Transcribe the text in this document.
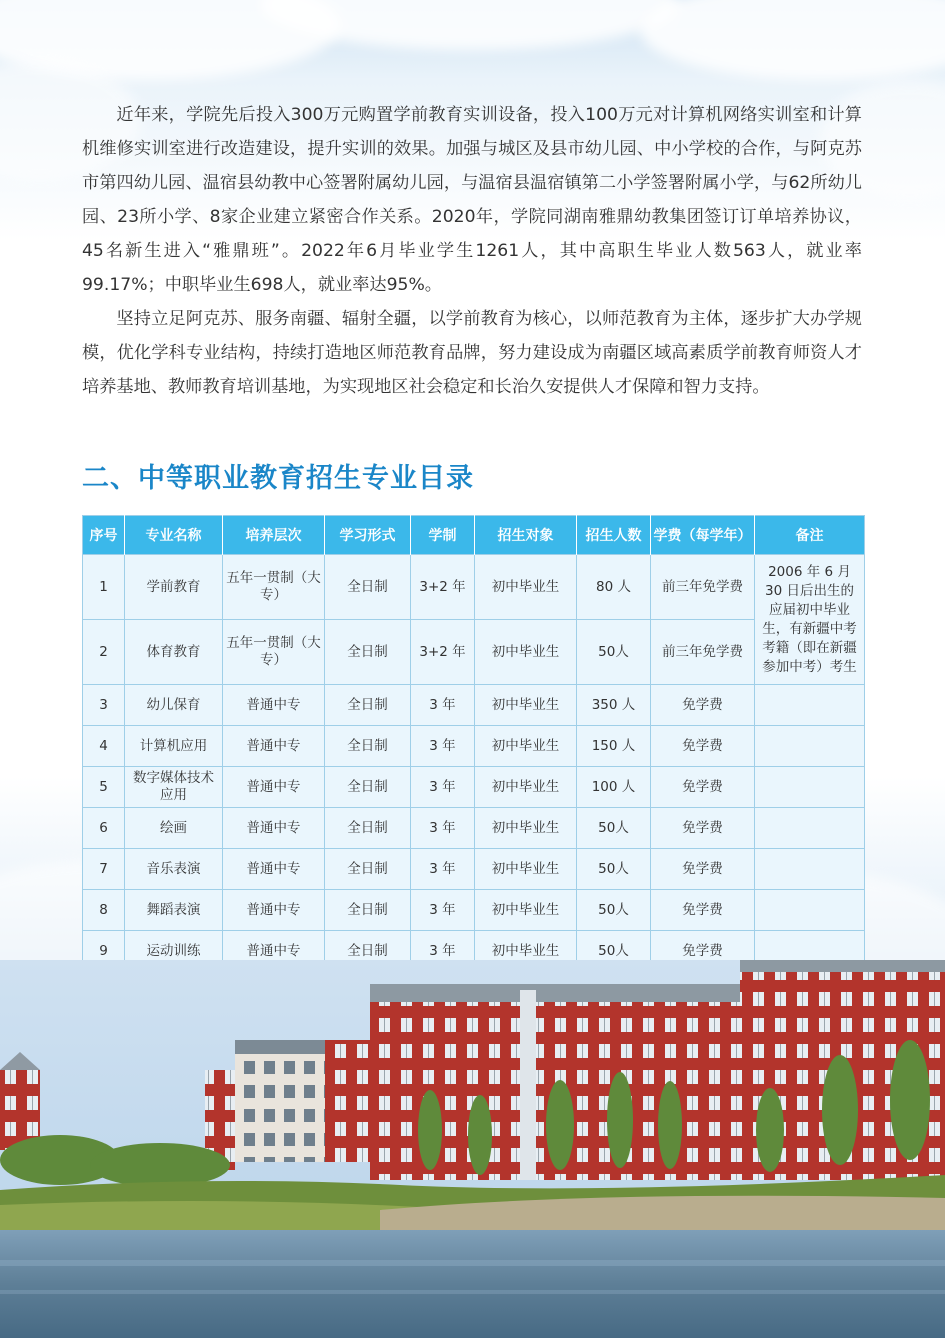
近年来，学院先后投入300万元购置学前教育实训设备，投入100万元对计算机网络实训室和计算机维修实训室进行改造建设，提升实训的效果。加强与城区及县市幼儿园、中小学校的合作，与阿克苏市第四幼儿园、温宿县幼教中心签署附属幼儿园，与温宿县温宿镇第二小学签署附属小学，与62所幼儿园、23所小学、8家企业建立紧密合作关系。2020年，学院同湖南雅鼎幼教集团签订订单培养协议，45名新生进入“雅鼎班”。2022年6月毕业学生1261人，其中高职生毕业人数563人，就业率99.17%；中职毕业生698人，就业率达95%。

坚持立足阿克苏、服务南疆、辐射全疆，以学前教育为核心，以师范教育为主体，逐步扩大办学规模，优化学科专业结构，持续打造地区师范教育品牌，努力建设成为南疆区域高素质学前教育师资人才培养基地、教师教育培训基地，为实现地区社会稳定和长治久安提供人才保障和智力支持。

二、中等职业教育招生专业目录
序号	专业名称	培养层次	学习形式	学制	招生对象	招生人数	学费（每学年）	备注
1	学前教育	五年一贯制（大专）	全日制	3+2 年	初中毕业生	80 人	前三年免学费	2006 年 6 月 30 日后出生的应届初中毕业生，有新疆中考考籍（即在新疆参加中考）考生
2	体育教育	五年一贯制（大专）	全日制	3+2 年	初中毕业生	50人	前三年免学费	
3	幼儿保育	普通中专	全日制	3 年	初中毕业生	350 人	免学费	
4	计算机应用	普通中专	全日制	3 年	初中毕业生	150 人	免学费	
5	数字媒体技术应用	普通中专	全日制	3 年	初中毕业生	100 人	免学费	
6	绘画	普通中专	全日制	3 年	初中毕业生	50人	免学费	
7	音乐表演	普通中专	全日制	3 年	初中毕业生	50人	免学费	
8	舞蹈表演	普通中专	全日制	3 年	初中毕业生	50人	免学费	
9	运动训练	普通中专	全日制	3 年	初中毕业生	50人	免学费	
